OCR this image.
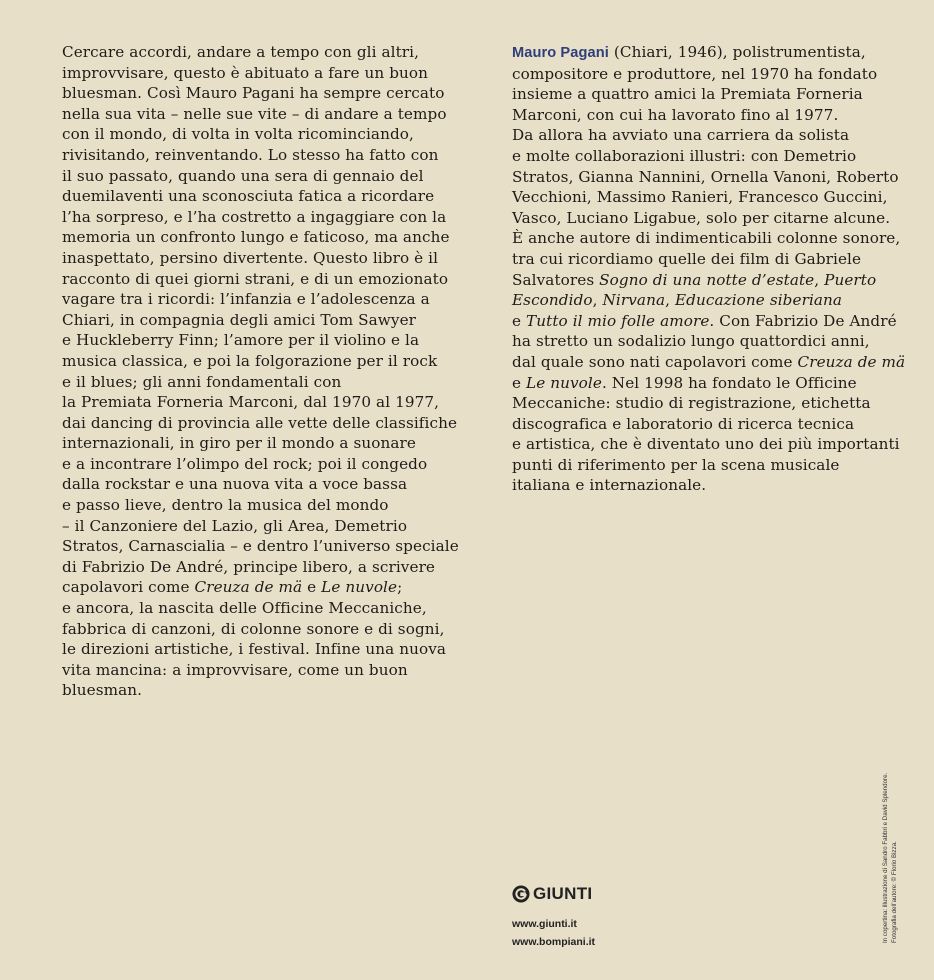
Cercare accordi, andare a tempo con gli altri,
improvvisare, questo è abituato a fare un buon
bluesman. Così Mauro Pagani ha sempre cercato
nella sua vita – nelle sue vite – di andare a tempo
con il mondo, di volta in volta ricominciando,
rivisitando, reinventando. Lo stesso ha fatto con
il suo passato, quando una sera di gennaio del
duemilaventi una sconosciuta fatica a ricordare
l’ha sorpreso, e l’ha costretto a ingaggiare con la
memoria un confronto lungo e faticoso, ma anche
inaspettato, persino divertente. Questo libro è il
racconto di quei giorni strani, e di un emozionato
vagare tra i ricordi: l’infanzia e l’adolescenza a
Chiari, in compagnia degli amici Tom Sawyer
e Huckleberry Finn; l’amore per il violino e la
musica classica, e poi la folgorazione per il rock
e il blues; gli anni fondamentali con
la Premiata Forneria Marconi, dal 1970 al 1977,
dai dancing di provincia alle vette delle classifiche
internazionali, in giro per il mondo a suonare
e a incontrare l’olimpo del rock; poi il congedo
dalla rockstar e una nuova vita a voce bassa
e passo lieve, dentro la musica del mondo
– il Canzoniere del Lazio, gli Area, Demetrio
Stratos, Carnascialia – e dentro l’universo speciale
di Fabrizio De André, principe libero, a scrivere
capolavori come Creuza de mä e Le nuvole;
e ancora, la nascita delle Officine Meccaniche,
fabbrica di canzoni, di colonne sonore e di sogni,
le direzioni artistiche, i festival. Infine una nuova
vita mancina: a improvvisare, come un buon
bluesman.
Mauro Pagani (Chiari, 1946), polistrumentista,
compositore e produttore, nel 1970 ha fondato
insieme a quattro amici la Premiata Forneria
Marconi, con cui ha lavorato fino al 1977.
Da allora ha avviato una carriera da solista
e molte collaborazioni illustri: con Demetrio
Stratos, Gianna Nannini, Ornella Vanoni, Roberto
Vecchioni, Massimo Ranieri, Francesco Guccini,
Vasco, Luciano Ligabue, solo per citarne alcune.
È anche autore di indimenticabili colonne sonore,
tra cui ricordiamo quelle dei film di Gabriele
Salvatores Sogno di una notte d’estate, Puerto
Escondido, Nirvana, Educazione siberiana
e Tutto il mio folle amore. Con Fabrizio De André
ha stretto un sodalizio lungo quattordici anni,
dal quale sono nati capolavori come Creuza de mä
e Le nuvole. Nel 1998 ha fondato le Officine
Meccaniche: studio di registrazione, etichetta
discografica e laboratorio di ricerca tecnica
e artistica, che è diventato uno dei più importanti
punti di riferimento per la scena musicale
italiana e internazionale.
GIUNTI
www.giunti.it
www.bompiani.it	In copertina: illustrazione di Sandro Fabbri e David Splendore. Fotografia dell’autore: © Florio Bizza.
